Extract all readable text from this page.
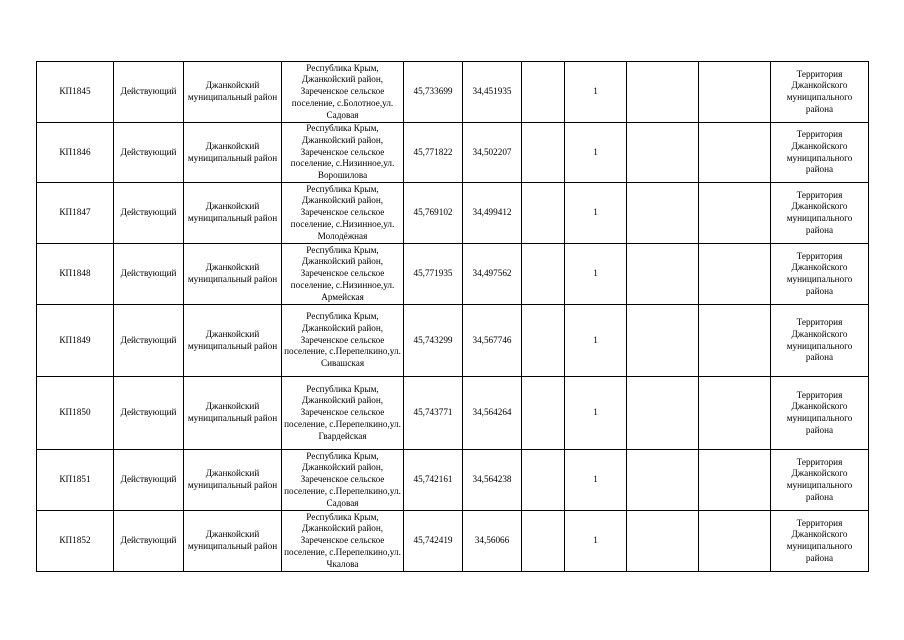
КП1845	Действующий	Джанкойский муниципальный район	Республика Крым, Джанкойский район, Зареченское сельское поселение, с.Болотное,ул. Садовая	45,733699	34,451935		1			Территория Джанкойского муниципального района
КП1846	Действующий	Джанкойский муниципальный район	Республика Крым, Джанкойский район, Зареченское сельское поселение, с.Низинное,ул. Ворошилова	45,771822	34,502207		1			Территория Джанкойского муниципального района
КП1847	Действующий	Джанкойский муниципальный район	Республика Крым, Джанкойский район, Зареченское сельское поселение, с.Низинное,ул. Молодёжная	45,769102	34,499412		1			Территория Джанкойского муниципального района
КП1848	Действующий	Джанкойский муниципальный район	Республика Крым, Джанкойский район, Зареченское сельское поселение, с.Низинное,ул. Армейская	45,771935	34,497562		1			Территория Джанкойского муниципального района
КП1849	Действующий	Джанкойский муниципальный район	Республика Крым, Джанкойский район, Зареченское сельское поселение, с.Перепелкино,ул. Сивашская	45,743299	34,567746		1			Территория Джанкойского муниципального района
КП1850	Действующий	Джанкойский муниципальный район	Республика Крым, Джанкойский район, Зареченское сельское поселение, с.Перепелкино,ул. Гвардейская	45,743771	34,564264		1			Территория Джанкойского муниципального района
КП1851	Действующий	Джанкойский муниципальный район	Республика Крым, Джанкойский район, Зареченское сельское поселение, с.Перепелкино,ул. Садовая	45,742161	34,564238		1			Территория Джанкойского муниципального района
КП1852	Действующий	Джанкойский муниципальный район	Республика Крым, Джанкойский район, Зареченское сельское поселение, с.Перепелкино,ул. Чкалова	45,742419	34,56066		1			Территория Джанкойского муниципального района
